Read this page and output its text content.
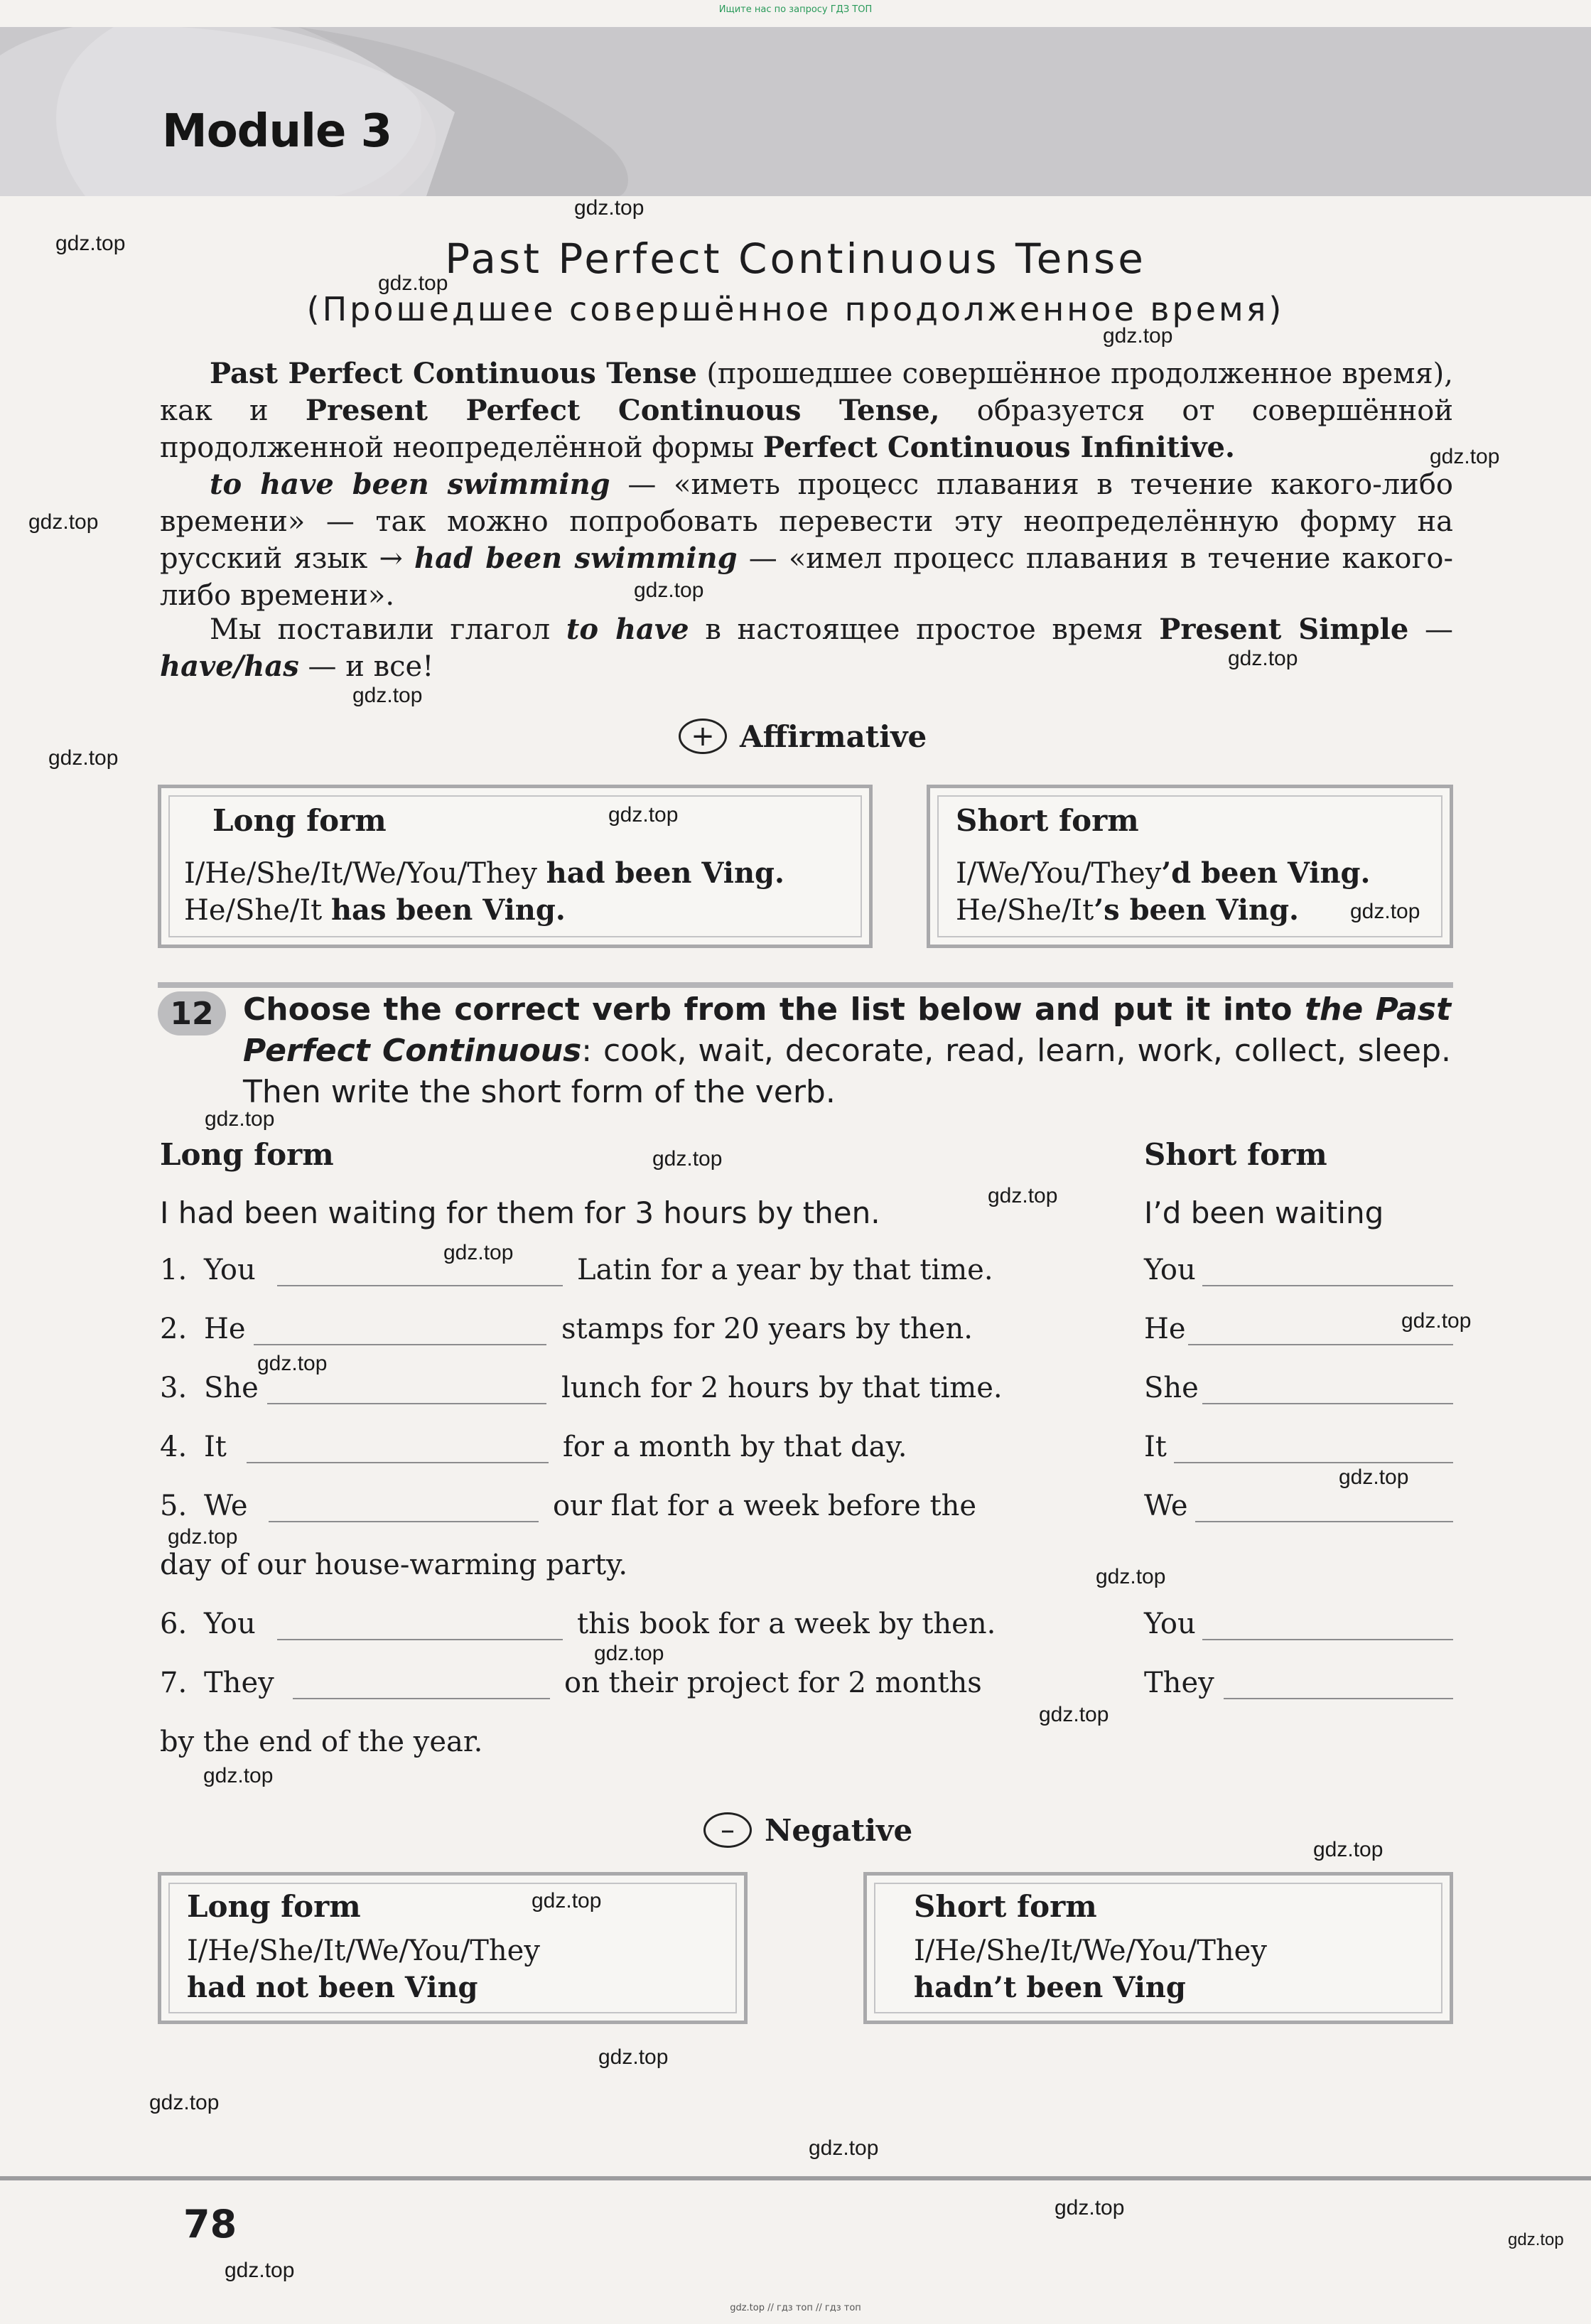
Ищите нас по запросу ГДЗ ТОП
Module 3
Past Perfect Continuous Tense
(Прошедшее совершённое продолженное время)
Past Perfect Continuous Tense (прошедшее совершённое продолженное время), как и Present Perfect Continuous Tense, образуется от совершённой продолженной неопределённой формы Perfect Continuous Infinitive.
to have been swimming — «иметь процесс плавания в течение какого-либо времени» — так можно попробовать перевести эту неопределённую форму на русский язык → had been swimming — «имел процесс плавания в течение какого-либо времени».
Мы поставили глагол to have в настоящее простое время Present Simple — have/has — и все!
+ Affirmative
Long form
I/He/She/It/We/You/They had been Ving.
He/She/It has been Ving.
Short form
I/We/You/They’d been Ving.
He/She/It’s been Ving.
12 Choose the correct verb from the list below and put it into the Past Perfect Continuous: cook, wait, decorate, read, learn, work, collect, sleep. Then write the short form of the verb.
Long form	Short form
I had been waiting for them for 3 hours by then.	I’d been waiting
1. You	Latin for a year by that time.	You
2. He	stamps for 20 years by then.	He
3. She	lunch for 2 hours by that time.	She
4. It	for a month by that day.	It
5. We	our flat for a week before the	We
day of our house-warming party.
6. You	this book for a week by then.	You
7. They	on their project for 2 months	They
by the end of the year.
–	Negative
Long form
I/He/She/It/We/You/They
had not been Ving
Short form
I/He/She/It/We/You/They
hadn’t been Ving
78
gdz.top // гдз топ // гдз топ
gdz.top
gdz.top
gdz.top
gdz.top
gdz.top
gdz.top
gdz.top
gdz.top
gdz.top
gdz.top
gdz.top
gdz.top
gdz.top
gdz.top
gdz.top
gdz.top
gdz.top
gdz.top
gdz.top
gdz.top
gdz.top
gdz.top
gdz.top
gdz.top
gdz.top
gdz.top
gdz.top
gdz.top
gdz.top
gdz.top
gdz.top
gdz.top
